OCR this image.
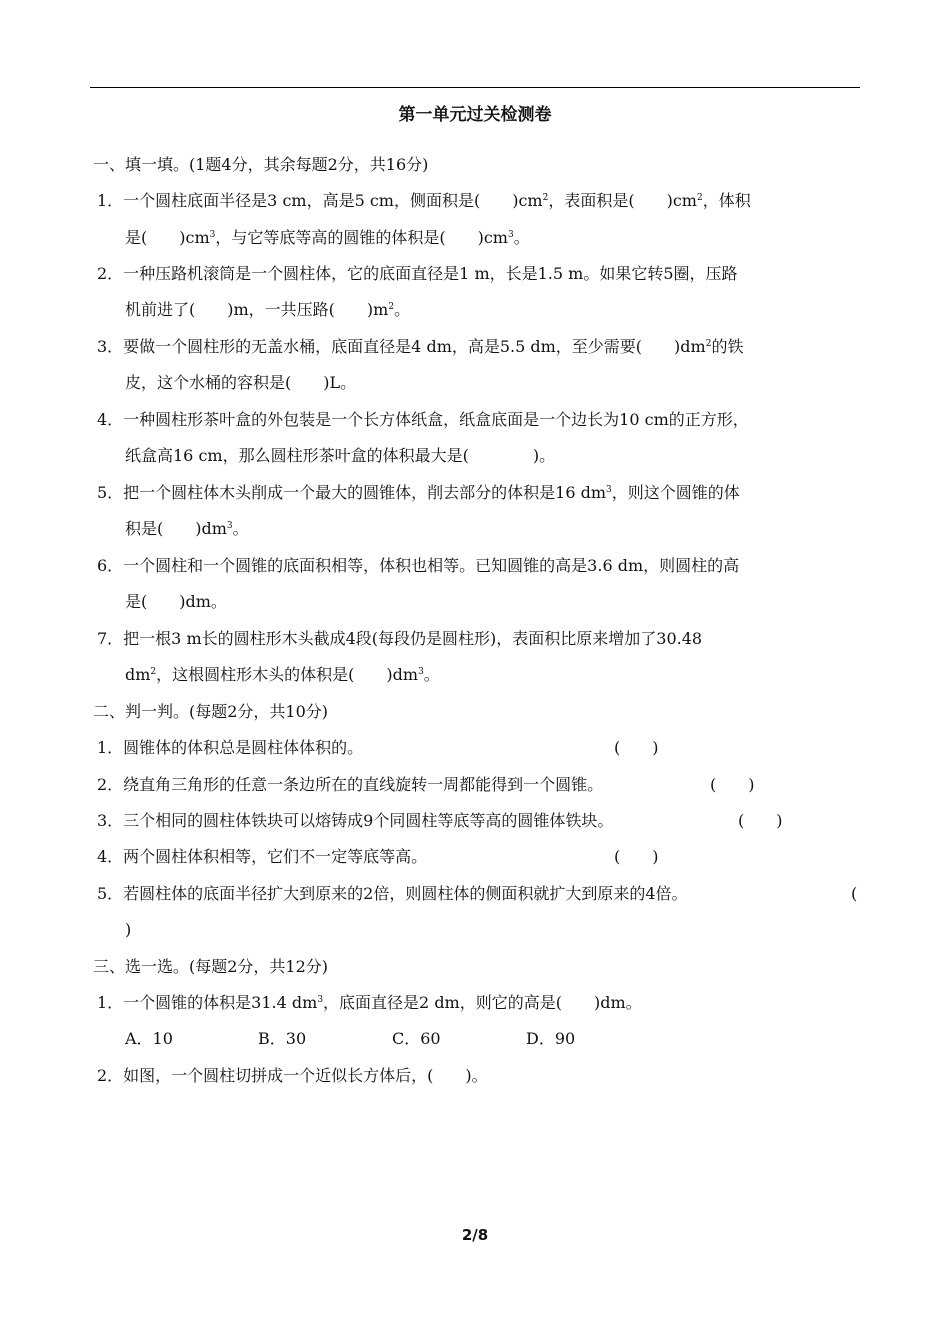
第一单元过关检测卷
一、填一填。(1题4分，其余每题2分，共16分)
1．一个圆柱底面半径是3 cm，高是5 cm，侧面积是(　　)$cm^2$，表面积是(　　)$cm^2$，体积
是(　　)$cm^3$，与它等底等高的圆锥的体积是(　　)$cm^3$。
2．一种压路机滚筒是一个圆柱体，它的底面直径是1 m，长是1.5 m。如果它转5圈，压路
机前进了(　　)m，一共压路(　　)$m^2$。
3．要做一个圆柱形的无盖水桶，底面直径是4 dm，高是5.5 dm，至少需要(　　)$dm^2$的铁
皮，这个水桶的容积是(　　)L。
4．一种圆柱形茶叶盒的外包装是一个长方体纸盒，纸盒底面是一个边长为10 cm的正方形，
纸盒高16 cm，那么圆柱形茶叶盒的体积最大是(　　　　)。
5．把一个圆柱体木头削成一个最大的圆锥体，削去部分的体积是16 $dm^3$，则这个圆锥的体
积是(　　)$dm^3$。
6．一个圆柱和一个圆锥的底面积相等，体积也相等。已知圆锥的高是3.6 dm，则圆柱的高
是(　　)dm。
7．把一根3 m长的圆柱形木头截成4段(每段仍是圆柱形)，表面积比原来增加了30.48
$dm^2$，这根圆柱形木头的体积是(　　)$dm^3$。
二、判一判。(每题2分，共10分)
1．圆锥体的体积总是圆柱体体积的。	(　　)
2．绕直角三角形的任意一条边所在的直线旋转一周都能得到一个圆锥。	(　　)
3．三个相同的圆柱体铁块可以熔铸成9个同圆柱等底等高的圆锥体铁块。	(　　)
4．两个圆柱体积相等，它们不一定等底等高。	(　　)
5．若圆柱体的底面半径扩大到原来的2倍，则圆柱体的侧面积就扩大到原来的4倍。	(
)
三、选一选。(每题2分，共12分)
1．一个圆锥的体积是31.4 $dm^3$，底面直径是2 dm，则它的高是(　　)dm。
A．10	B．30	C．60	D．90
2．如图，一个圆柱切拼成一个近似长方体后，(　　)。
2/8
